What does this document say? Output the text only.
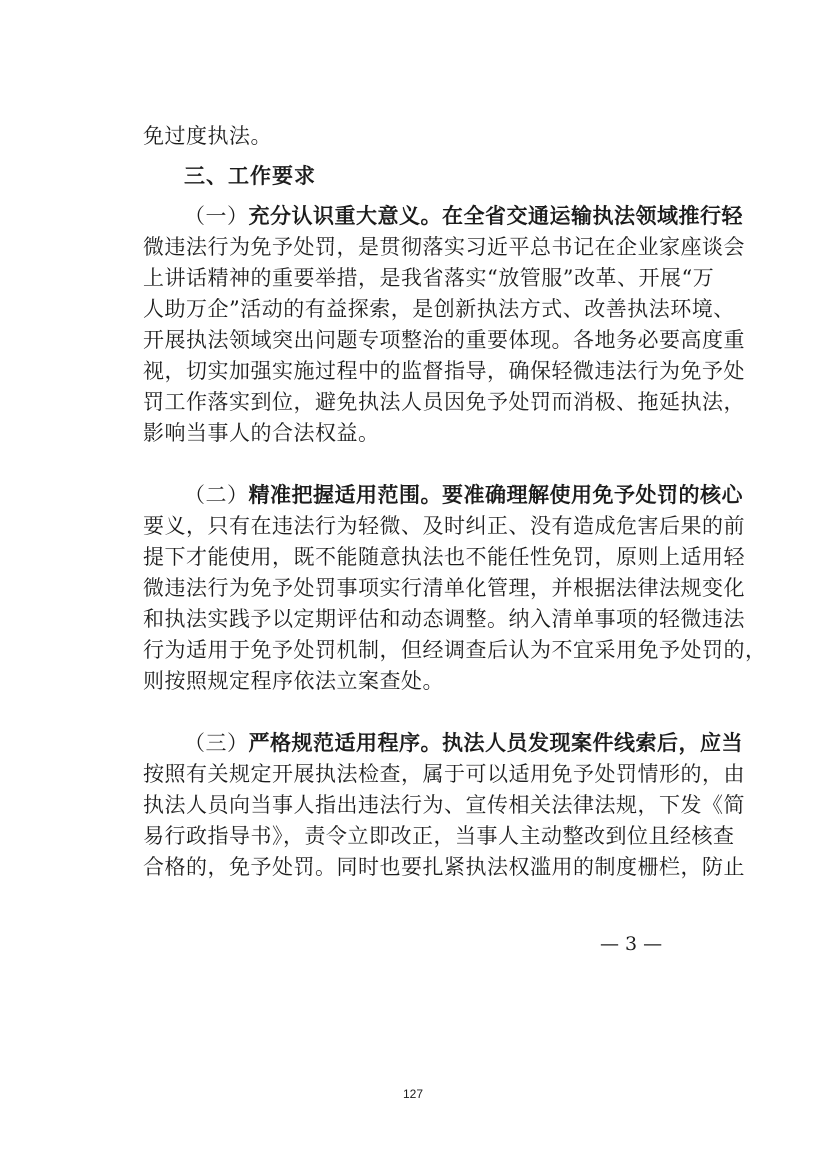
免过度执法。
三、工作要求
（一）充分认识重大意义。在全省交通运输执法领域推行轻
微违法行为免予处罚，是贯彻落实习近平总书记在企业家座谈会
上讲话精神的重要举措，是我省落实“放管服”改革、开展“万
人助万企”活动的有益探索，是创新执法方式、改善执法环境、
开展执法领域突出问题专项整治的重要体现。各地务必要高度重
视，切实加强实施过程中的监督指导，确保轻微违法行为免予处
罚工作落实到位，避免执法人员因免予处罚而消极、拖延执法，
影响当事人的合法权益。
（二）精准把握适用范围。要准确理解使用免予处罚的核心
要义，只有在违法行为轻微、及时纠正、没有造成危害后果的前
提下才能使用，既不能随意执法也不能任性免罚，原则上适用轻
微违法行为免予处罚事项实行清单化管理，并根据法律法规变化
和执法实践予以定期评估和动态调整。纳入清单事项的轻微违法
行为适用于免予处罚机制，但经调查后认为不宜采用免予处罚的，
则按照规定程序依法立案查处。
（三）严格规范适用程序。执法人员发现案件线索后，应当
按照有关规定开展执法检查，属于可以适用免予处罚情形的，由
执法人员向当事人指出违法行为、宣传相关法律法规，下发《简
易行政指导书》，责令立即改正，当事人主动整改到位且经核查
合格的，免予处罚。同时也要扎紧执法权滥用的制度栅栏，防止
— 3 —
127
